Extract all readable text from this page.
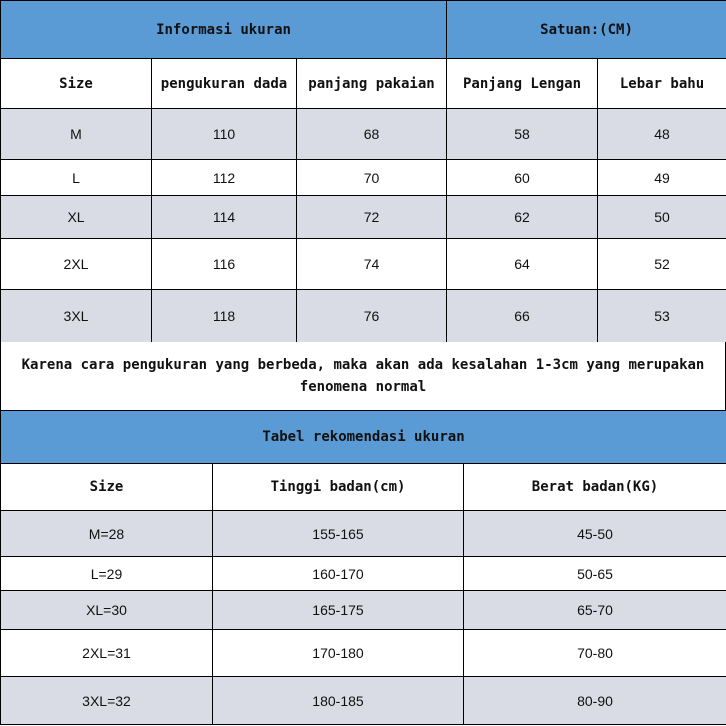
Informasi ukuran			Satuan:(CM)	
Size	pengukuran dada	panjang pakaian	Panjang Lengan	Lebar bahu
M	110	68	58	48
L	112	70	60	49
XL	114	72	62	50
2XL	116	74	64	52
3XL	118	76	66	53
Karena cara pengukuran yang berbeda, maka akan ada kesalahan 1-3cm yang merupakan fenomena normal
Tabel rekomendasi ukuran		
Size	Tinggi badan(cm)	Berat badan(KG)
M=28	155-165	45-50
L=29	160-170	50-65
XL=30	165-175	65-70
2XL=31	170-180	70-80
3XL=32	180-185	80-90
